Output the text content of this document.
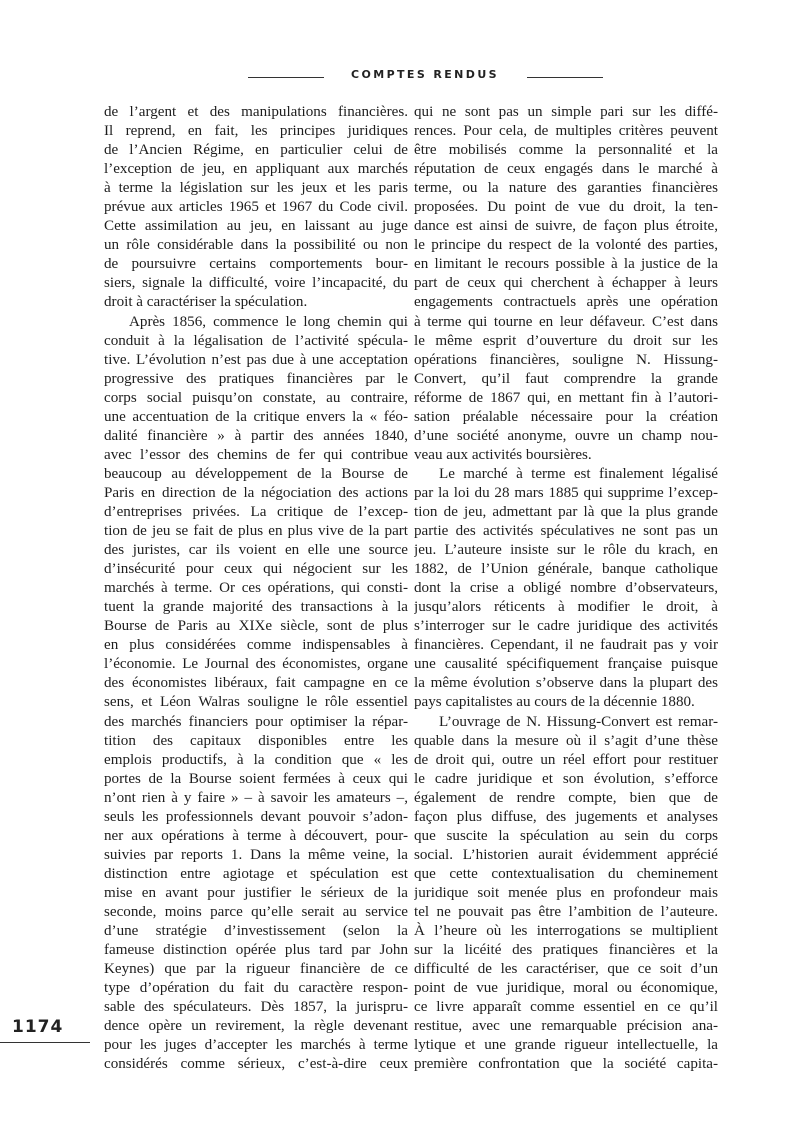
COMPTES RENDUS
de l’argent et des manipulations financières.
Il reprend, en fait, les principes juridiques
de l’Ancien Régime, en particulier celui de
l’exception de jeu, en appliquant aux marchés
à terme la législation sur les jeux et les paris
prévue aux articles 1965 et 1967 du Code civil.
Cette assimilation au jeu, en laissant au juge
un rôle considérable dans la possibilité ou non
de poursuivre certains comportements bour-
siers, signale la difficulté, voire l’incapacité, du
droit à caractériser la spéculation.
Après 1856, commence le long chemin qui
conduit à la légalisation de l’activité spécula-
tive. L’évolution n’est pas due à une acceptation
progressive des pratiques financières par le
corps social puisqu’on constate, au contraire,
une accentuation de la critique envers la « féo-
dalité financière » à partir des années 1840,
avec l’essor des chemins de fer qui contribue
beaucoup au développement de la Bourse de
Paris en direction de la négociation des actions
d’entreprises privées. La critique de l’excep-
tion de jeu se fait de plus en plus vive de la part
des juristes, car ils voient en elle une source
d’insécurité pour ceux qui négocient sur les
marchés à terme. Or ces opérations, qui consti-
tuent la grande majorité des transactions à la
Bourse de Paris au XIXe siècle, sont de plus
en plus considérées comme indispensables à
l’économie. Le Journal des économistes, organe
des économistes libéraux, fait campagne en ce
sens, et Léon Walras souligne le rôle essentiel
des marchés financiers pour optimiser la répar-
tition des capitaux disponibles entre les
emplois productifs, à la condition que « les
portes de la Bourse soient fermées à ceux qui
n’ont rien à y faire » – à savoir les amateurs –,
seuls les professionnels devant pouvoir s’adon-
ner aux opérations à terme à découvert, pour-
suivies par reports 1. Dans la même veine, la
distinction entre agiotage et spéculation est
mise en avant pour justifier le sérieux de la
seconde, moins parce qu’elle serait au service
d’une stratégie d’investissement (selon la
fameuse distinction opérée plus tard par John
Keynes) que par la rigueur financière de ce
type d’opération du fait du caractère respon-
sable des spéculateurs. Dès 1857, la jurispru-
dence opère un revirement, la règle devenant
pour les juges d’accepter les marchés à terme
considérés comme sérieux, c’est-à-dire ceux
qui ne sont pas un simple pari sur les diffé-
rences. Pour cela, de multiples critères peuvent
être mobilisés comme la personnalité et la
réputation de ceux engagés dans le marché à
terme, ou la nature des garanties financières
proposées. Du point de vue du droit, la ten-
dance est ainsi de suivre, de façon plus étroite,
le principe du respect de la volonté des parties,
en limitant le recours possible à la justice de la
part de ceux qui cherchent à échapper à leurs
engagements contractuels après une opération
à terme qui tourne en leur défaveur. C’est dans
le même esprit d’ouverture du droit sur les
opérations financières, souligne N. Hissung-
Convert, qu’il faut comprendre la grande
réforme de 1867 qui, en mettant fin à l’autori-
sation préalable nécessaire pour la création
d’une société anonyme, ouvre un champ nou-
veau aux activités boursières.
Le marché à terme est finalement légalisé
par la loi du 28 mars 1885 qui supprime l’excep-
tion de jeu, admettant par là que la plus grande
partie des activités spéculatives ne sont pas un
jeu. L’auteure insiste sur le rôle du krach, en
1882, de l’Union générale, banque catholique
dont la crise a obligé nombre d’observateurs,
jusqu’alors réticents à modifier le droit, à
s’interroger sur le cadre juridique des activités
financières. Cependant, il ne faudrait pas y voir
une causalité spécifiquement française puisque
la même évolution s’observe dans la plupart des
pays capitalistes au cours de la décennie 1880.
L’ouvrage de N. Hissung-Convert est remar-
quable dans la mesure où il s’agit d’une thèse
de droit qui, outre un réel effort pour restituer
le cadre juridique et son évolution, s’efforce
également de rendre compte, bien que de
façon plus diffuse, des jugements et analyses
que suscite la spéculation au sein du corps
social. L’historien aurait évidemment apprécié
que cette contextualisation du cheminement
juridique soit menée plus en profondeur mais
tel ne pouvait pas être l’ambition de l’auteure.
À l’heure où les interrogations se multiplient
sur la licéité des pratiques financières et la
difficulté de les caractériser, que ce soit d’un
point de vue juridique, moral ou économique,
ce livre apparaît comme essentiel en ce qu’il
restitue, avec une remarquable précision ana-
lytique et une grande rigueur intellectuelle, la
première confrontation que la société capita-
1174
